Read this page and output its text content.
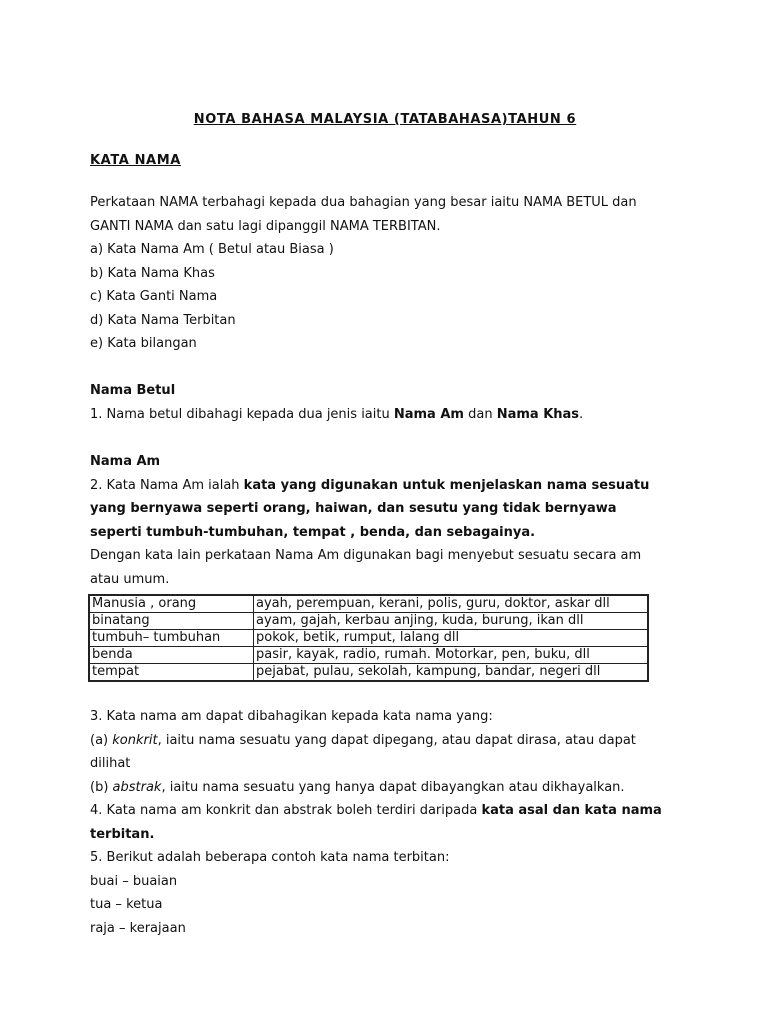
NOTA BAHASA MALAYSIA (TATABAHASA)TAHUN 6
KATA NAMA

Perkataan NAMA terbahagi kepada dua bahagian yang besar iaitu NAMA BETUL dan GANTI NAMA dan satu lagi dipanggil NAMA TERBITAN.

a) Kata Nama Am ( Betul atau Biasa )

b) Kata Nama Khas

c) Kata Ganti Nama

d) Kata Nama Terbitan

e) Kata bilangan

Nama Betul

1. Nama betul dibahagi kepada dua jenis iaitu Nama Am dan Nama Khas.

Nama Am

2. Kata Nama Am ialah kata yang digunakan untuk menjelaskan nama sesuatu yang bernyawa seperti orang, haiwan, dan sesutu yang tidak bernyawa seperti tumbuh-tumbuhan, tempat , benda, dan sebagainya.

Dengan kata lain perkataan Nama Am digunakan bagi menyebut sesuatu secara am atau umum.

Manusia , orang	ayah, perempuan, kerani, polis, guru, doktor, askar dll
binatang	ayam, gajah, kerbau anjing, kuda, burung, ikan dll
tumbuh– tumbuhan	pokok, betik, rumput, lalang dll
benda	pasir, kayak, radio, rumah. Motorkar, pen, buku, dll
tempat	pejabat, pulau, sekolah, kampung, bandar, negeri dll

3. Kata nama am dapat dibahagikan kepada kata nama yang:

(a) konkrit, iaitu nama sesuatu yang dapat dipegang, atau dapat dirasa, atau dapat dilihat

(b) abstrak, iaitu nama sesuatu yang hanya dapat dibayangkan atau dikhayalkan.

4. Kata nama am konkrit dan abstrak boleh terdiri daripada kata asal dan kata nama terbitan.

5. Berikut adalah beberapa contoh kata nama terbitan:

buai – buaian

tua – ketua

raja – kerajaan
